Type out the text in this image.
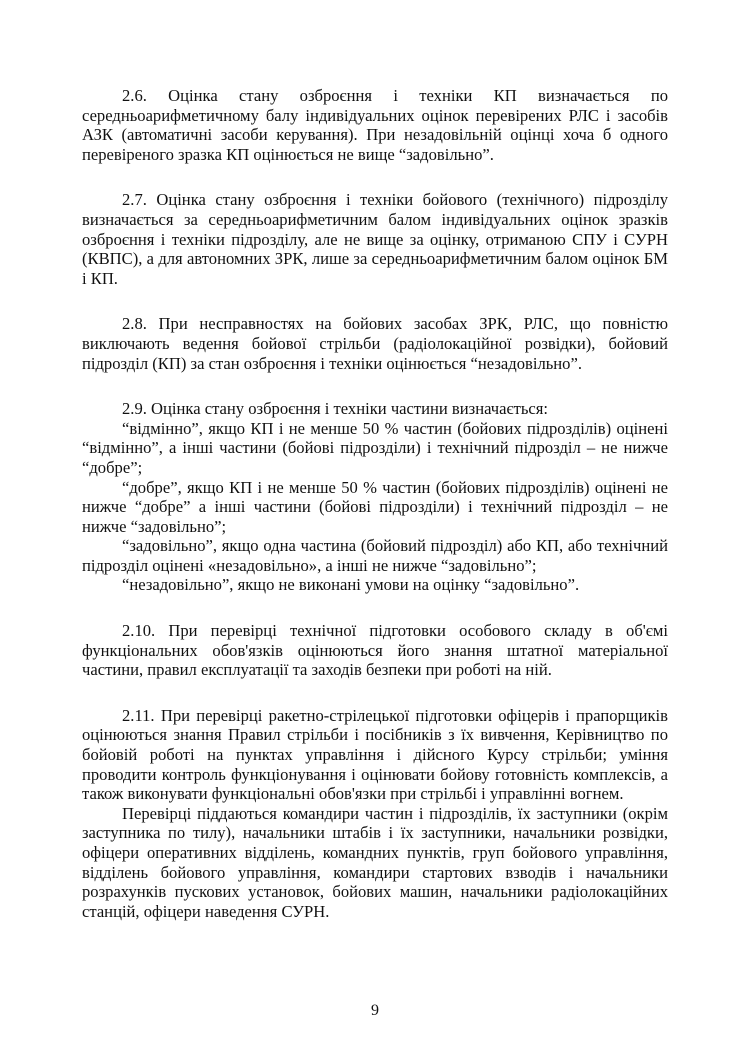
2.6. Оцінка стану озброєння і техніки КП визначається по середньоарифметичному балу індивідуальних оцінок перевірених РЛС і засобів АЗК (автоматичні засоби керування). При незадовільній оцінці хоча б одного перевіреного зразка КП оцінюється не вище “задовільно”.

2.7. Оцінка стану озброєння і техніки бойового (технічного) підрозділу визначається за середньоарифметичним балом індивідуальних оцінок зразків озброєння і техніки підрозділу, але не вище за оцінку, отриманою СПУ і СУРН (КВПС), а для автономних ЗРК, лише за середньоарифметичним балом оцінок БМ і КП.

2.8. При несправностях на бойових засобах ЗРК, РЛС, що повністю виключають ведення бойової стрільби (радіолокаційної розвідки), бойовий підрозділ (КП) за стан озброєння і техніки оцінюється “незадовільно”.

2.9. Оцінка стану озброєння і техніки частини визначається:

“відмінно”, якщо КП і не менше 50 % частин (бойових підрозділів) оцінені “відмінно”, а інші частини (бойові підрозділи) і технічний підрозділ – не нижче “добре”;

“добре”, якщо КП і не менше 50 % частин (бойових підрозділів) оцінені не нижче “добре” а інші частини (бойові підрозділи) і технічний підрозділ – не нижче “задовільно”;

“задовільно”, якщо одна частина (бойовий підрозділ) або КП, або технічний підрозділ оцінені «незадовільно», а інші не нижче “задовільно”;

“незадовільно”, якщо не виконані умови на оцінку “задовільно”.

2.10. При перевірці технічної підготовки особового складу в об'ємі функціональних обов'язків оцінюються його знання штатної матеріальної частини, правил експлуатації та заходів безпеки при роботі на ній.

2.11. При перевірці ракетно-стрілецької підготовки офіцерів і прапорщиків оцінюються знання Правил стрільби і посібників з їх вивчення, Керівництво по бойовій роботі на пунктах управління і дійсного Курсу стрільби; уміння проводити контроль функціонування і оцінювати бойову готовність комплексів, а також виконувати функціональні обов'язки при стрільбі і управлінні вогнем.

Перевірці піддаються командири частин і підрозділів, їх заступники (окрім заступника по тилу), начальники штабів і їх заступники, начальники розвідки, офіцери оперативних відділень, командних пунктів, груп бойового управління, відділень бойового управління, командири стартових взводів і начальники розрахунків пускових установок, бойових машин, начальники радіолокаційних станцій, офіцери наведення СУРН.

9
